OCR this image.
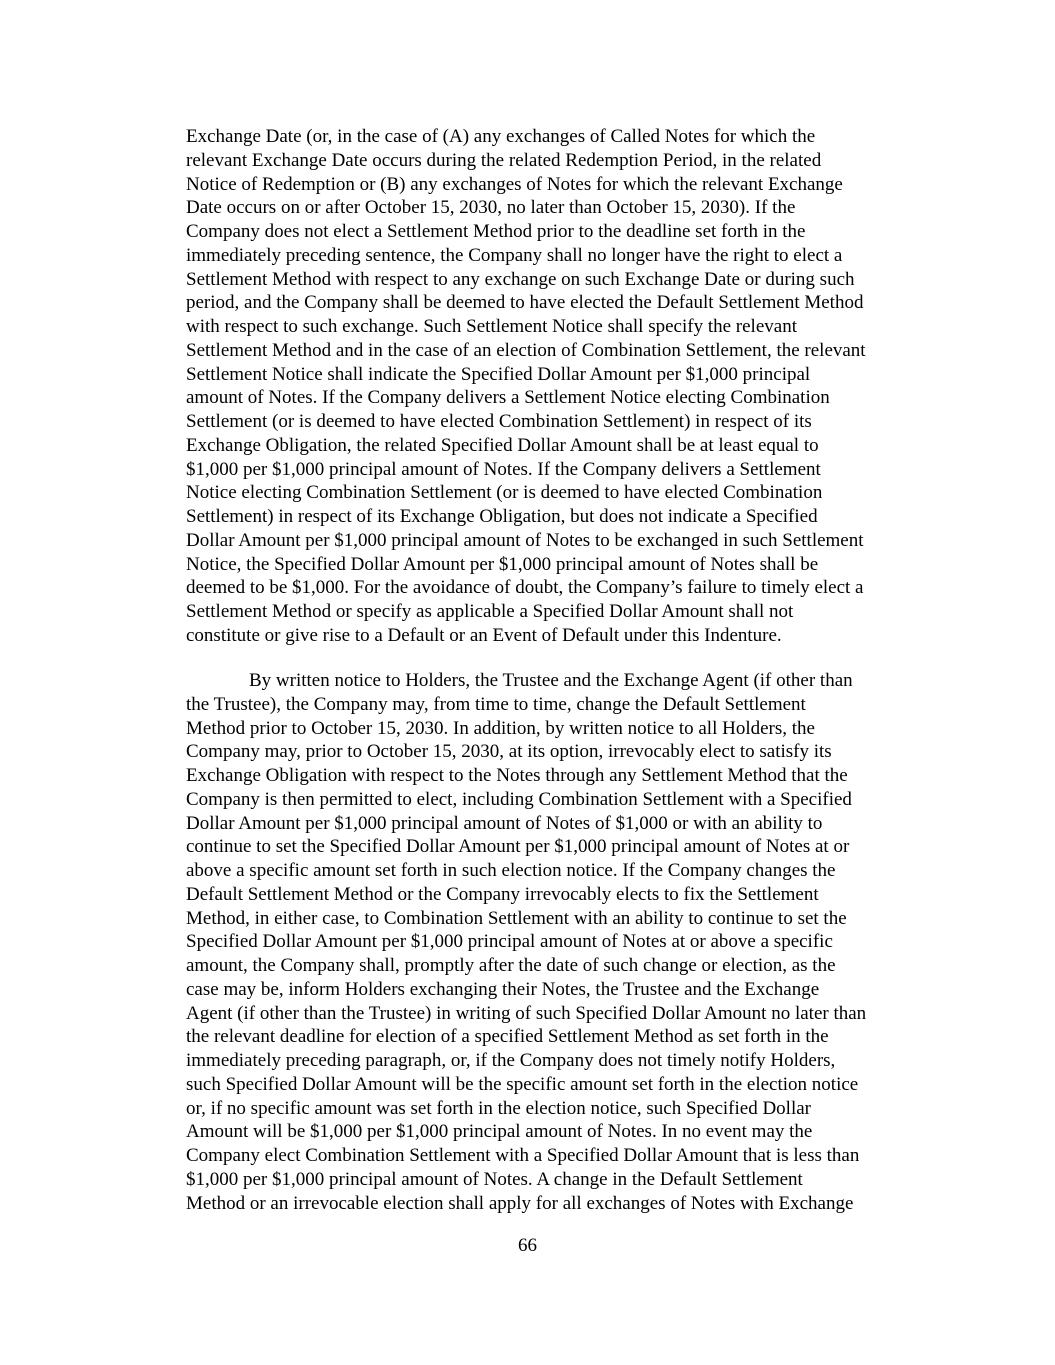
Exchange Date (or, in the case of (A) any exchanges of Called Notes for which the
relevant Exchange Date occurs during the related Redemption Period, in the related
Notice of Redemption or (B) any exchanges of Notes for which the relevant Exchange
Date occurs on or after October 15, 2030, no later than October 15, 2030). If the
Company does not elect a Settlement Method prior to the deadline set forth in the
immediately preceding sentence, the Company shall no longer have the right to elect a
Settlement Method with respect to any exchange on such Exchange Date or during such
period, and the Company shall be deemed to have elected the Default Settlement Method
with respect to such exchange. Such Settlement Notice shall specify the relevant
Settlement Method and in the case of an election of Combination Settlement, the relevant
Settlement Notice shall indicate the Specified Dollar Amount per $1,000 principal
amount of Notes. If the Company delivers a Settlement Notice electing Combination
Settlement (or is deemed to have elected Combination Settlement) in respect of its
Exchange Obligation, the related Specified Dollar Amount shall be at least equal to
$1,000 per $1,000 principal amount of Notes. If the Company delivers a Settlement
Notice electing Combination Settlement (or is deemed to have elected Combination
Settlement) in respect of its Exchange Obligation, but does not indicate a Specified
Dollar Amount per $1,000 principal amount of Notes to be exchanged in such Settlement
Notice, the Specified Dollar Amount per $1,000 principal amount of Notes shall be
deemed to be $1,000. For the avoidance of doubt, the Company’s failure to timely elect a
Settlement Method or specify as applicable a Specified Dollar Amount shall not
constitute or give rise to a Default or an Event of Default under this Indenture.
By written notice to Holders, the Trustee and the Exchange Agent (if other than
the Trustee), the Company may, from time to time, change the Default Settlement
Method prior to October 15, 2030. In addition, by written notice to all Holders, the
Company may, prior to October 15, 2030, at its option, irrevocably elect to satisfy its
Exchange Obligation with respect to the Notes through any Settlement Method that the
Company is then permitted to elect, including Combination Settlement with a Specified
Dollar Amount per $1,000 principal amount of Notes of $1,000 or with an ability to
continue to set the Specified Dollar Amount per $1,000 principal amount of Notes at or
above a specific amount set forth in such election notice. If the Company changes the
Default Settlement Method or the Company irrevocably elects to fix the Settlement
Method, in either case, to Combination Settlement with an ability to continue to set the
Specified Dollar Amount per $1,000 principal amount of Notes at or above a specific
amount, the Company shall, promptly after the date of such change or election, as the
case may be, inform Holders exchanging their Notes, the Trustee and the Exchange
Agent (if other than the Trustee) in writing of such Specified Dollar Amount no later than
the relevant deadline for election of a specified Settlement Method as set forth in the
immediately preceding paragraph, or, if the Company does not timely notify Holders,
such Specified Dollar Amount will be the specific amount set forth in the election notice
or, if no specific amount was set forth in the election notice, such Specified Dollar
Amount will be $1,000 per $1,000 principal amount of Notes. In no event may the
Company elect Combination Settlement with a Specified Dollar Amount that is less than
$1,000 per $1,000 principal amount of Notes. A change in the Default Settlement
Method or an irrevocable election shall apply for all exchanges of Notes with Exchange
66
